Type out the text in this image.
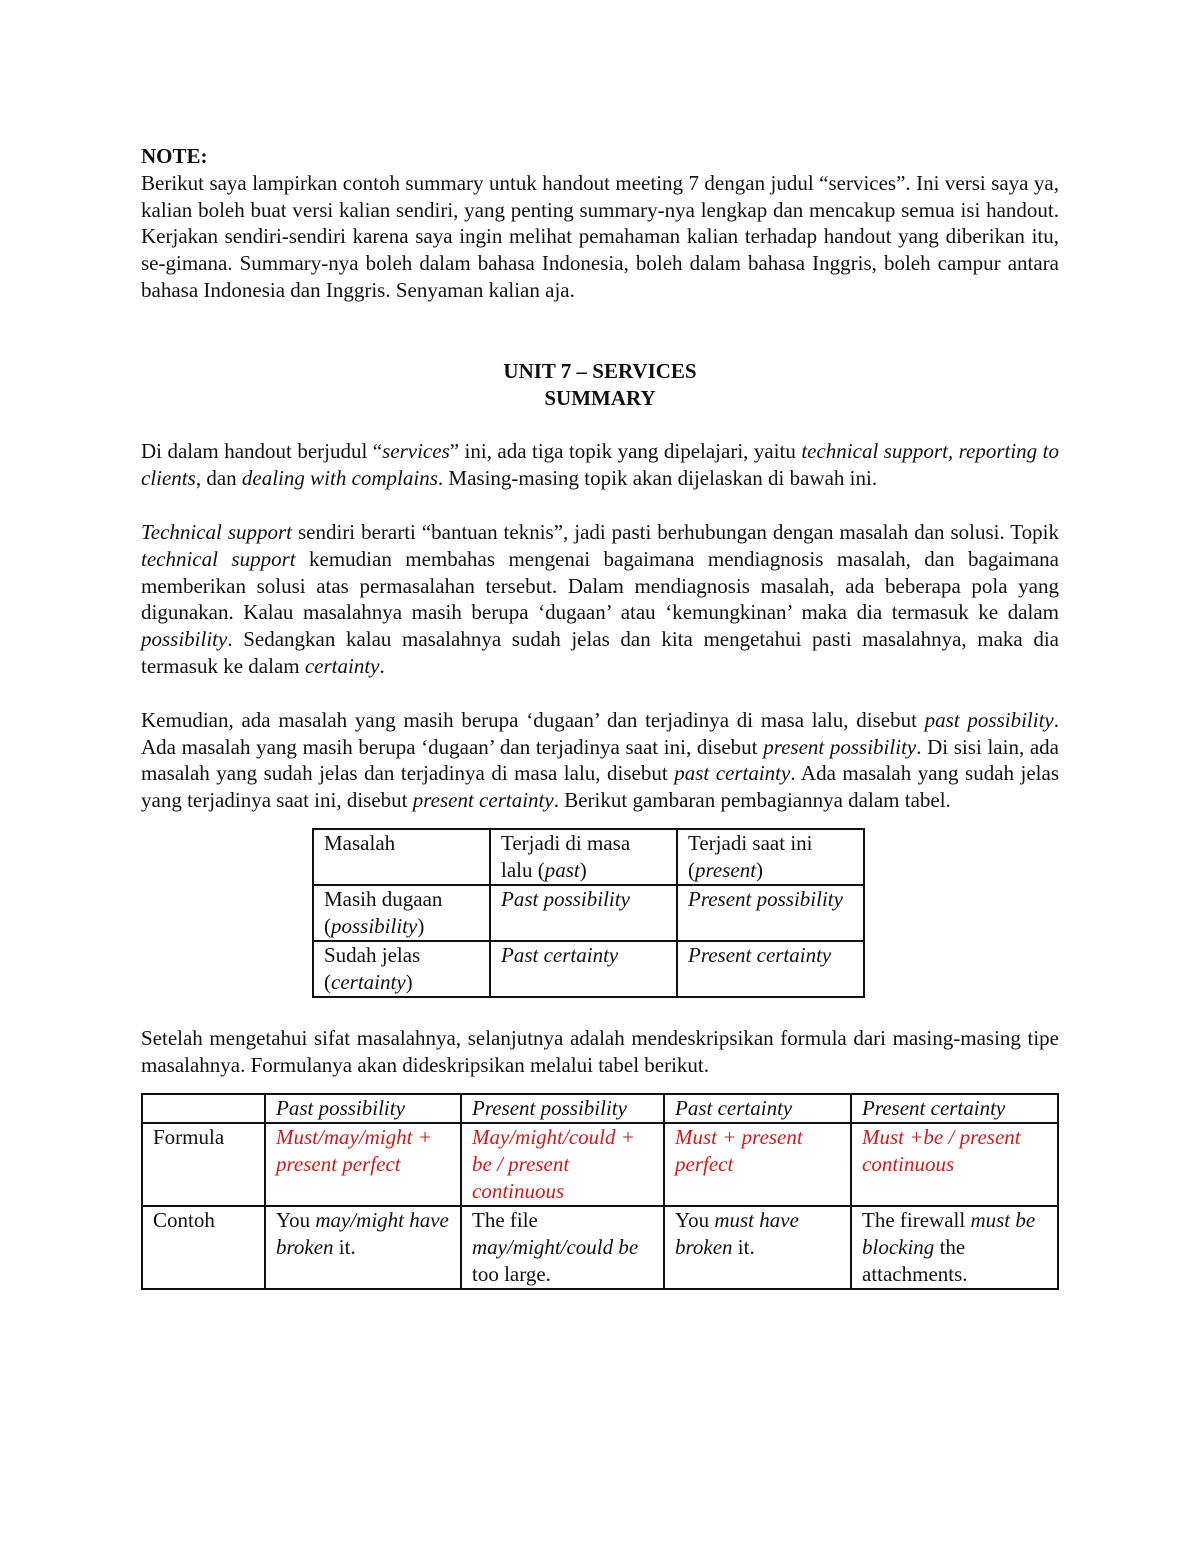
NOTE:

Berikut saya lampirkan contoh summary untuk handout meeting 7 dengan judul “services”. Ini versi saya ya, kalian boleh buat versi kalian sendiri, yang penting summary-nya lengkap dan mencakup semua isi handout. Kerjakan sendiri-sendiri karena saya ingin melihat pemahaman kalian terhadap handout yang diberikan itu, se-gimana. Summary-nya boleh dalam bahasa Indonesia, boleh dalam bahasa Inggris, boleh campur antara bahasa Indonesia dan Inggris. Senyaman kalian aja.

UNIT 7 – SERVICES

SUMMARY

Di dalam handout berjudul “services” ini, ada tiga topik yang dipelajari, yaitu technical support, reporting to clients, dan dealing with complains. Masing-masing topik akan dijelaskan di bawah ini.

Technical support sendiri berarti “bantuan teknis”, jadi pasti berhubungan dengan masalah dan solusi. Topik technical support kemudian membahas mengenai bagaimana mendiagnosis masalah, dan bagaimana memberikan solusi atas permasalahan tersebut. Dalam mendiagnosis masalah, ada beberapa pola yang digunakan. Kalau masalahnya masih berupa ‘dugaan’ atau ‘kemungkinan’ maka dia termasuk ke dalam possibility. Sedangkan kalau masalahnya sudah jelas dan kita mengetahui pasti masalahnya, maka dia termasuk ke dalam certainty.

Kemudian, ada masalah yang masih berupa ‘dugaan’ dan terjadinya di masa lalu, disebut past possibility. Ada masalah yang masih berupa ‘dugaan’ dan terjadinya saat ini, disebut present possibility. Di sisi lain, ada masalah yang sudah jelas dan terjadinya di masa lalu, disebut past certainty. Ada masalah yang sudah jelas yang terjadinya saat ini, disebut present certainty. Berikut gambaran pembagiannya dalam tabel.

Masalah	Terjadi di masa lalu (past)	Terjadi saat ini (present)
Masih dugaan (possibility)	Past possibility	Present possibility
Sudah jelas (certainty)	Past certainty	Present certainty

Setelah mengetahui sifat masalahnya, selanjutnya adalah mendeskripsikan formula dari masing-masing tipe masalahnya. Formulanya akan dideskripsikan melalui tabel berikut.

	Past possibility	Present possibility	Past certainty	Present certainty
Formula	Must/may/might + present perfect	May/might/could + be / present continuous	Must + present perfect	Must +be / present continuous
Contoh	You may/might have broken it.	The file may/might/could be too large.	You must have broken it.	The firewall must be blocking the attachments.
